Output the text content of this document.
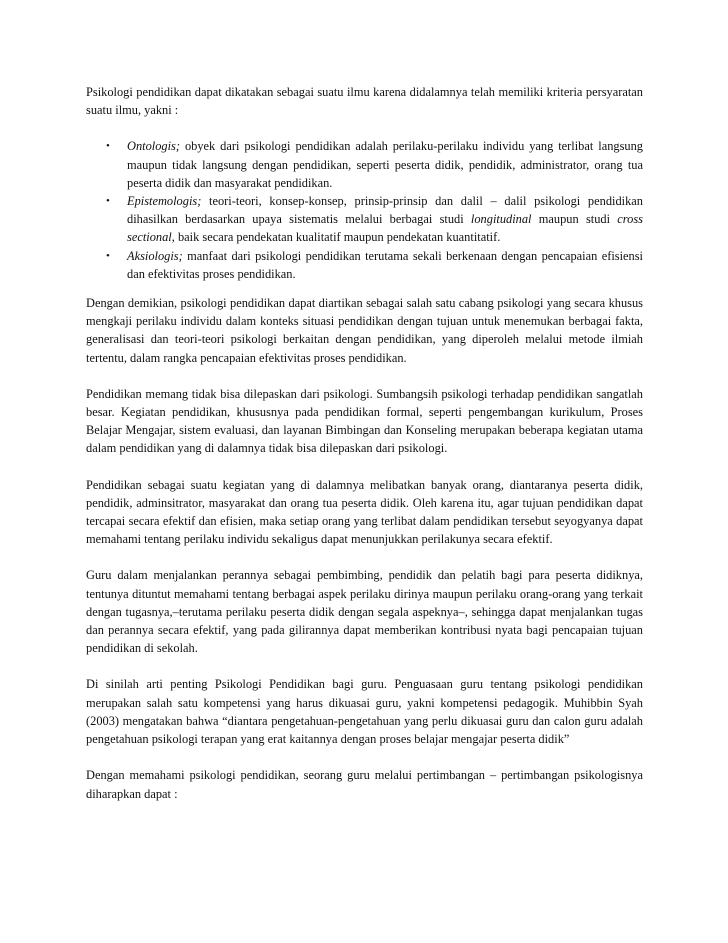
Psikologi pendidikan dapat dikatakan sebagai suatu ilmu karena didalamnya telah memiliki kriteria persyaratan suatu ilmu, yakni :

• Ontologis; obyek dari psikologi pendidikan adalah perilaku-perilaku individu yang terlibat langsung maupun tidak langsung dengan pendidikan, seperti peserta didik, pendidik, administrator, orang tua peserta didik dan masyarakat pendidikan.
• Epistemologis; teori-teori, konsep-konsep, prinsip-prinsip dan dalil – dalil psikologi pendidikan dihasilkan berdasarkan upaya sistematis melalui berbagai studi longitudinal maupun studi cross sectional, baik secara pendekatan kualitatif maupun pendekatan kuantitatif.
• Aksiologis; manfaat dari psikologi pendidikan terutama sekali berkenaan dengan pencapaian efisiensi dan efektivitas proses pendidikan.

Dengan demikian, psikologi pendidikan dapat diartikan sebagai salah satu cabang psikologi yang secara khusus mengkaji perilaku individu dalam konteks situasi pendidikan dengan tujuan untuk menemukan berbagai fakta, generalisasi dan teori-teori psikologi berkaitan dengan pendidikan, yang diperoleh melalui metode ilmiah tertentu, dalam rangka pencapaian efektivitas proses pendidikan.

Pendidikan memang tidak bisa dilepaskan dari psikologi. Sumbangsih psikologi terhadap pendidikan sangatlah besar. Kegiatan pendidikan, khususnya pada pendidikan formal, seperti pengembangan kurikulum, Proses Belajar Mengajar, sistem evaluasi, dan layanan Bimbingan dan Konseling merupakan beberapa kegiatan utama dalam pendidikan yang di dalamnya tidak bisa dilepaskan dari psikologi.

Pendidikan sebagai suatu kegiatan yang di dalamnya melibatkan banyak orang, diantaranya peserta didik, pendidik, adminsitrator, masyarakat dan orang tua peserta didik. Oleh karena itu, agar tujuan pendidikan dapat tercapai secara efektif dan efisien, maka setiap orang yang terlibat dalam pendidikan tersebut seyogyanya dapat memahami tentang perilaku individu sekaligus dapat menunjukkan perilakunya secara efektif.

Guru dalam menjalankan perannya sebagai pembimbing, pendidik dan pelatih bagi para peserta didiknya, tentunya dituntut memahami tentang berbagai aspek perilaku dirinya maupun perilaku orang-orang yang terkait dengan tugasnya,–terutama perilaku peserta didik dengan segala aspeknya–, sehingga dapat menjalankan tugas dan perannya secara efektif, yang pada gilirannya dapat memberikan kontribusi nyata bagi pencapaian tujuan pendidikan di sekolah.

Di sinilah arti penting Psikologi Pendidikan bagi guru. Penguasaan guru tentang psikologi pendidikan merupakan salah satu kompetensi yang harus dikuasai guru, yakni kompetensi pedagogik. Muhibbin Syah (2003) mengatakan bahwa “diantara pengetahuan-pengetahuan yang perlu dikuasai guru dan calon guru adalah pengetahuan psikologi terapan yang erat kaitannya dengan proses belajar mengajar peserta didik”

Dengan memahami psikologi pendidikan, seorang guru melalui pertimbangan – pertimbangan psikologisnya diharapkan dapat :
